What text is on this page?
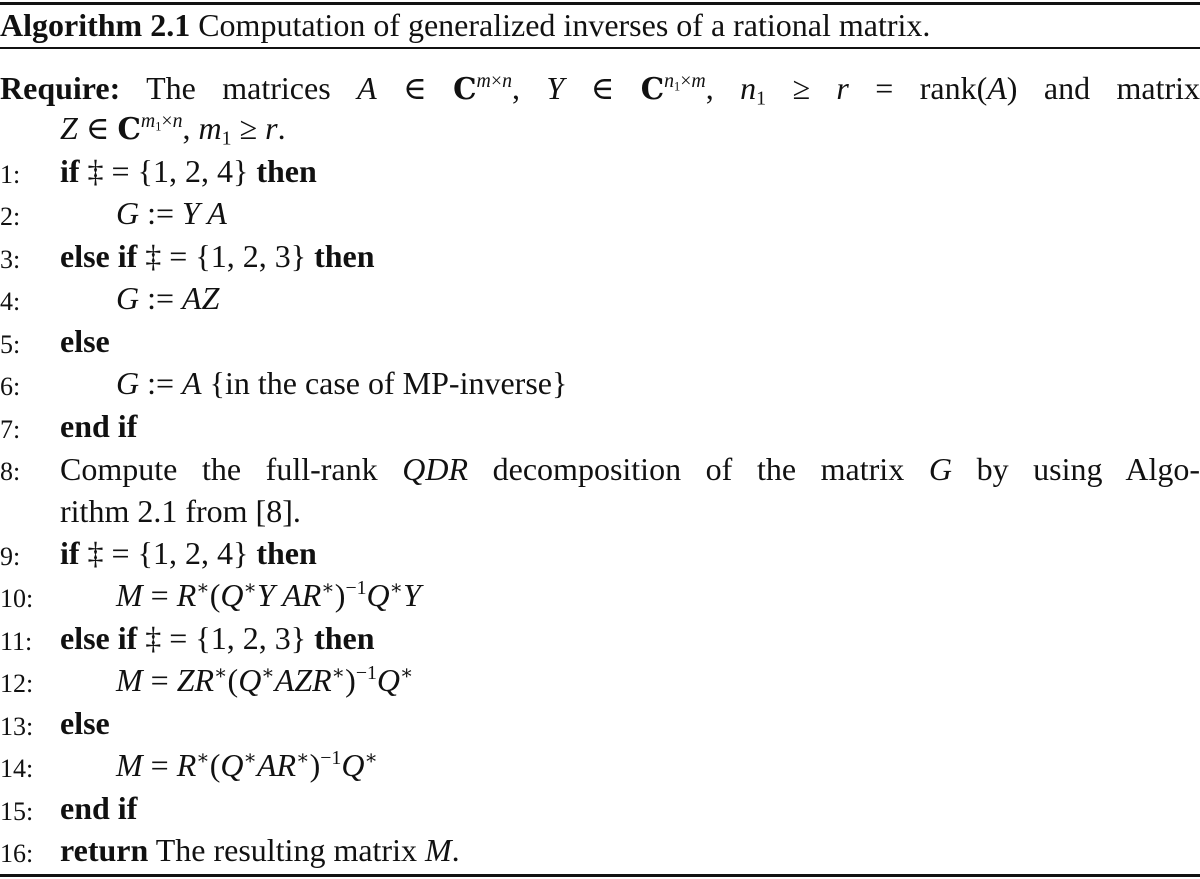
Algorithm 2.1 Computation of generalized inverses of a rational matrix.
Require: The matrices A ∈ $C^{m\times n}$, Y ∈ $C^{n_1\times m}$, $n_1 \ge r$ = rank(A) and matrix
Z ∈ $C^{m_1\times n}$, $m_1 \ge r$.
1:
2:
3:
4:
5:
6:
7:
8:
9:
10:
11:
12:
13:
14:
15:
16:
if ‡ = {1, 2, 4} then
G := Y A
else if ‡ = {1, 2, 3} then
G := AZ
else
G := A {in the case of MP-inverse}
end if
Compute the full-rank QDR decomposition of the matrix G by using Algo-
rithm 2.1 from [8].
if ‡ = {1, 2, 4} then
M = R∗(Q∗Y AR∗)$^{-1}$Q∗Y
else if ‡ = {1, 2, 3} then
$M = ZR^∗(Q^∗AZR^∗)^{-1}Q^∗$
else
$M = R^∗(Q^∗AR^∗)^{-1}Q^∗$
end if
return The resulting matrix M.
